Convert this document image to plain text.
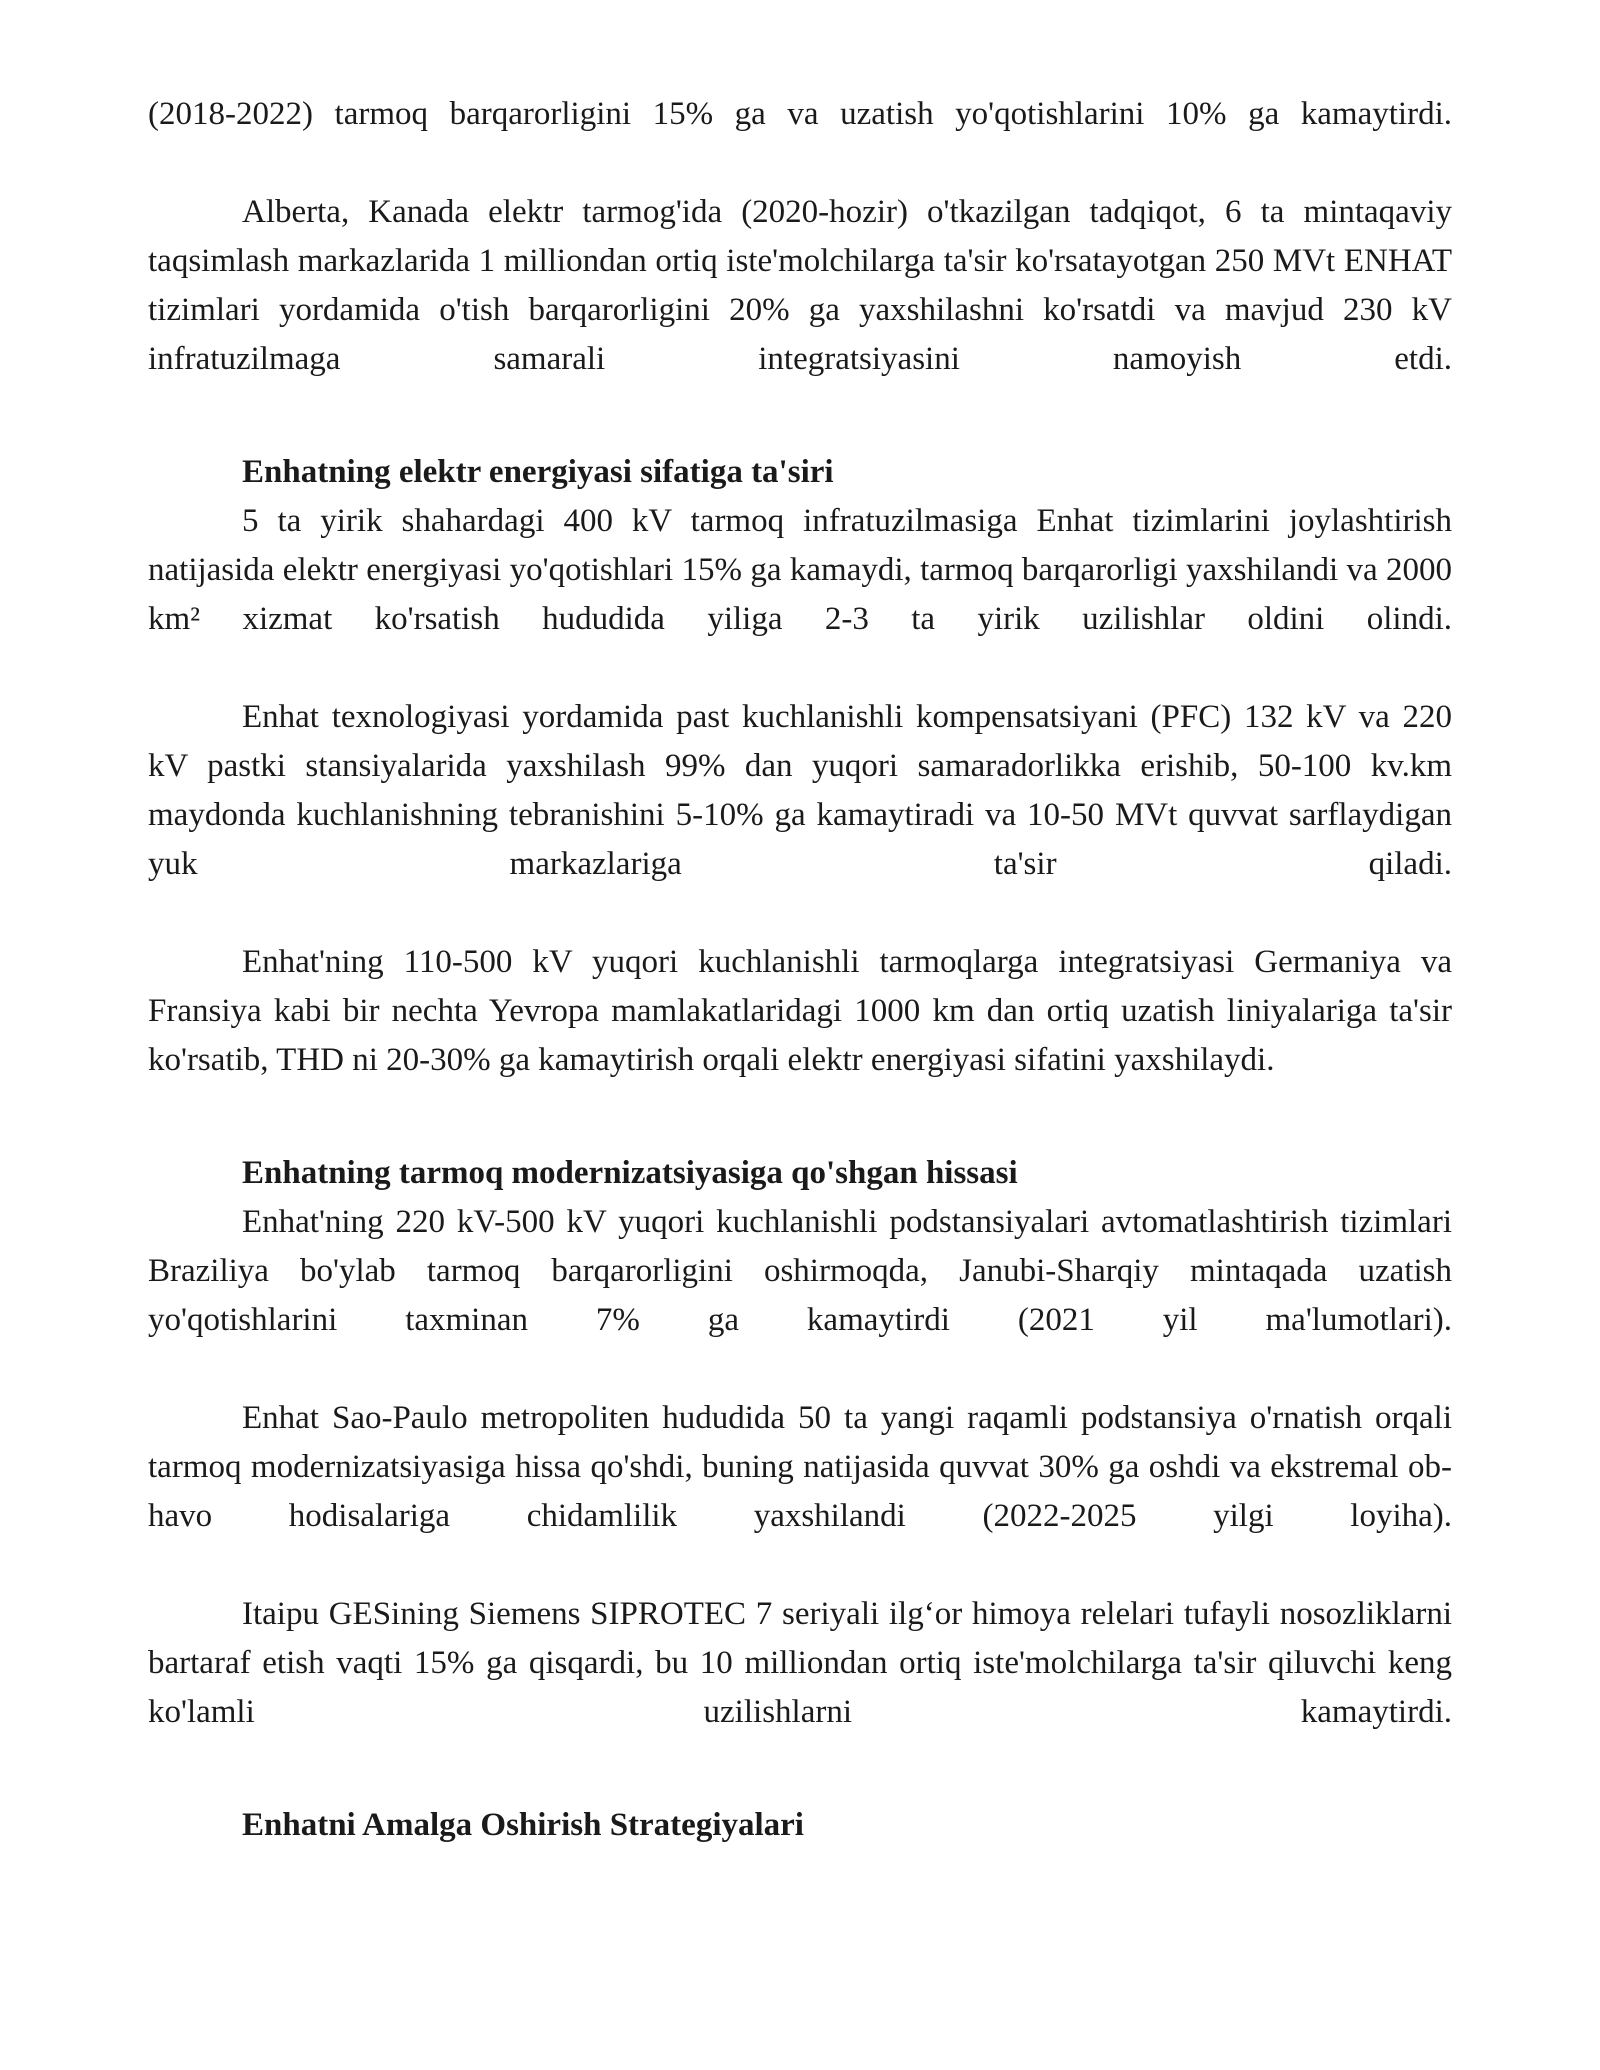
(2018-2022) tarmoq barqarorligini 15% ga va uzatish yo'qotishlarini 10% ga kamaytirdi.

Alberta, Kanada elektr tarmog'ida (2020-hozir) o'tkazilgan tadqiqot, 6 ta mintaqaviy taqsimlash markazlarida 1 milliondan ortiq iste'molchilarga ta'sir ko'rsatayotgan 250 MVt ENHAT tizimlari yordamida o'tish barqarorligini 20% ga yaxshilashni ko'rsatdi va mavjud 230 kV infratuzilmaga samarali integratsiyasini namoyish etdi.

Enhatning elektr energiyasi sifatiga ta'siri

5 ta yirik shahardagi 400 kV tarmoq infratuzilmasiga Enhat tizimlarini joylashtirish natijasida elektr energiyasi yo'qotishlari 15% ga kamaydi, tarmoq barqarorligi yaxshilandi va 2000 km² xizmat ko'rsatish hududida yiliga 2-3 ta yirik uzilishlar oldini olindi.

Enhat texnologiyasi yordamida past kuchlanishli kompensatsiyani (PFC) 132 kV va 220 kV pastki stansiyalarida yaxshilash 99% dan yuqori samaradorlikka erishib, 50-100 kv.km maydonda kuchlanishning tebranishini 5-10% ga kamaytiradi va 10-50 MVt quvvat sarflaydigan yuk markazlariga ta'sir qiladi.

Enhat'ning 110-500 kV yuqori kuchlanishli tarmoqlarga integratsiyasi Germaniya va Fransiya kabi bir nechta Yevropa mamlakatlaridagi 1000 km dan ortiq uzatish liniyalariga ta'sir ko'rsatib, THD ni 20-30% ga kamaytirish orqali elektr energiyasi sifatini yaxshilaydi.

Enhatning tarmoq modernizatsiyasiga qo'shgan hissasi

Enhat'ning 220 kV-500 kV yuqori kuchlanishli podstansiyalari avtomatlashtirish tizimlari Braziliya bo'ylab tarmoq barqarorligini oshirmoqda, Janubi-Sharqiy mintaqada uzatish yo'qotishlarini taxminan 7% ga kamaytirdi (2021 yil ma'lumotlari).

Enhat Sao-Paulo metropoliten hududida 50 ta yangi raqamli podstansiya o'rnatish orqali tarmoq modernizatsiyasiga hissa qo'shdi, buning natijasida quvvat 30% ga oshdi va ekstremal ob-havo hodisalariga chidamlilik yaxshilandi (2022-2025 yilgi loyiha).

Itaipu GESining Siemens SIPROTEC 7 seriyali ilg‘or himoya relelari tufayli nosozliklarni bartaraf etish vaqti 15% ga qisqardi, bu 10 milliondan ortiq iste'molchilarga ta'sir qiluvchi keng ko'lamli uzilishlarni kamaytirdi.

Enhatni Amalga Oshirish Strategiyalari
